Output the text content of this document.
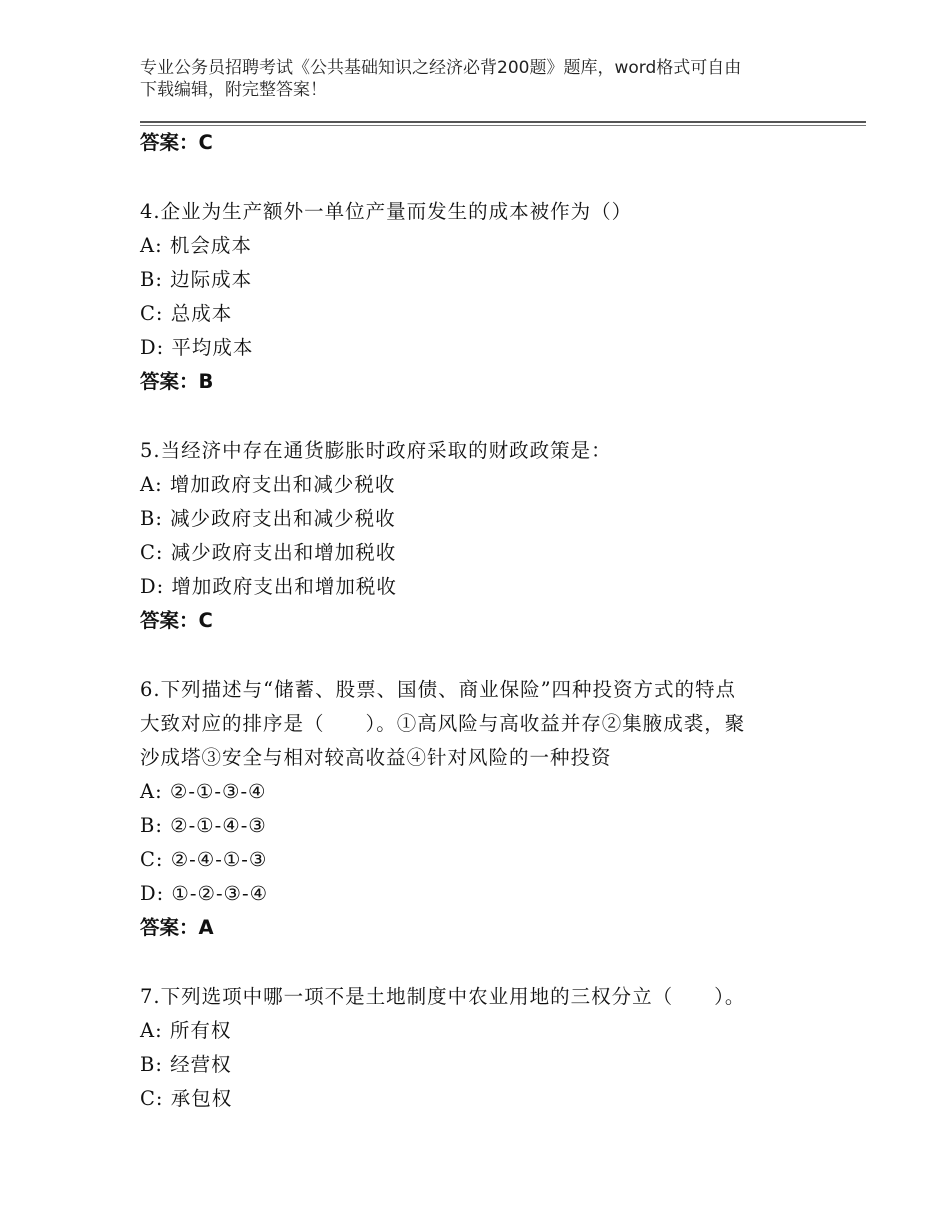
专业公务员招聘考试《公共基础知识之经济必背200题》题库，word格式可自由
下载编辑，附完整答案！
答案：C
4.企业为生产额外一单位产量而发生的成本被作为（）
A: 机会成本
B: 边际成本
C: 总成本
D: 平均成本
答案：B
5.当经济中存在通货膨胀时政府采取的财政政策是：
A: 增加政府支出和减少税收
B: 减少政府支出和减少税收
C: 减少政府支出和增加税收
D: 增加政府支出和增加税收
答案：C
6.下列描述与“储蓄、股票、国债、商业保险”四种投资方式的特点
大致对应的排序是（　　）。①高风险与高收益并存②集腋成裘，聚
沙成塔③安全与相对较高收益④针对风险的一种投资
A: ②-①-③-④
B: ②-①-④-③
C: ②-④-①-③
D: ①-②-③-④
答案：A
7.下列选项中哪一项不是土地制度中农业用地的三权分立（　　）。
A: 所有权
B: 经营权
C: 承包权
